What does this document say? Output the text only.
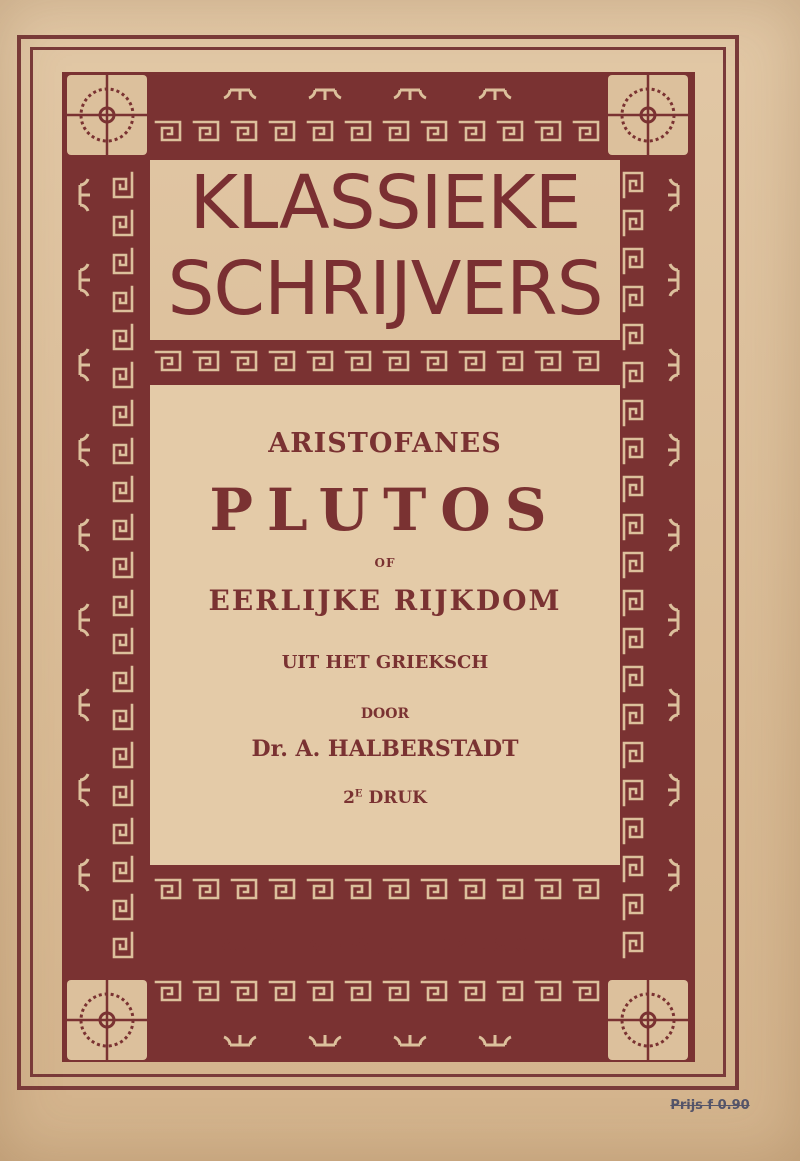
KLASSIEKE
SCHRIJVERS
ARISTOFANES
PLUTOS
OF
EERLIJKE RIJKDOM
UIT HET GRIEKSCH
DOOR
Dr. A. HALBERSTADT
$2^E$ DRUK

ZUTPHEN ~ W. J. THIEME & CIE

Prijs f 0.90
